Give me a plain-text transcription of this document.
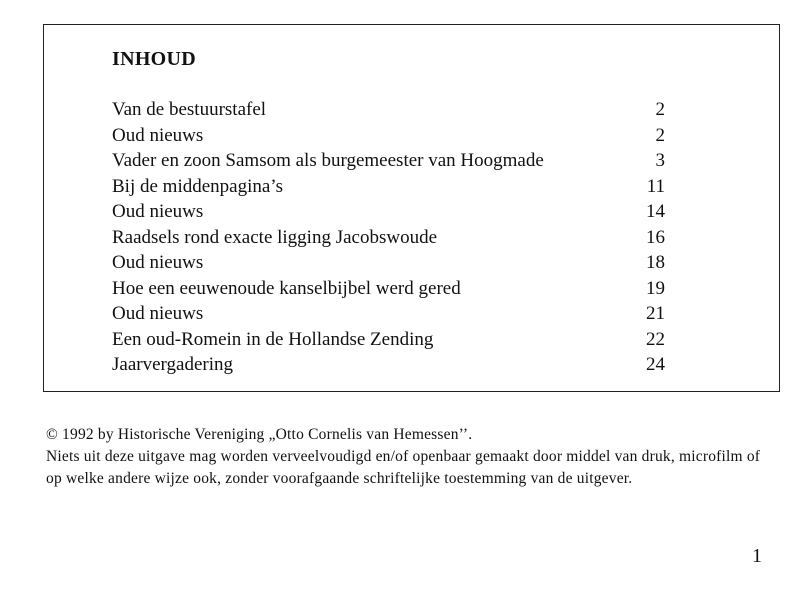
INHOUD
Van de bestuurstafel	2
Oud nieuws	2
Vader en zoon Samsom als burgemeester van Hoogmade	3
Bij de middenpagina’s	11
Oud nieuws	14
Raadsels rond exacte ligging Jacobswoude	16
Oud nieuws	18
Hoe een eeuwenoude kanselbijbel werd gered	19
Oud nieuws	21
Een oud-Romein in de Hollandse Zending	22
Jaarvergadering	24

© 1992 by Historische Vereniging „Otto Cornelis van Hemessen’’.

Niets uit deze uitgave mag worden verveelvoudigd en/of openbaar gemaakt door middel van druk, microfilm of op welke andere wijze ook, zonder voorafgaande schriftelijke toestemming van de uitgever.

1
